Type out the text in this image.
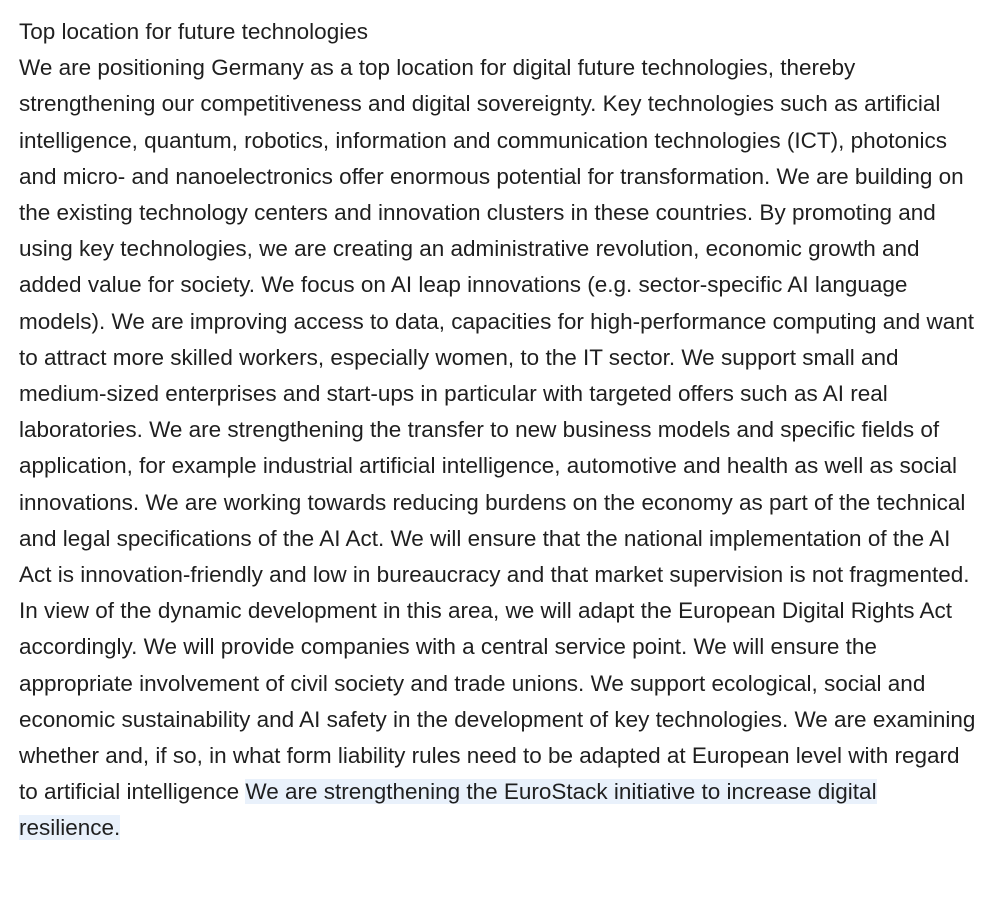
Top location for future technologies

We are positioning Germany as a top location for digital future technologies, thereby strengthening our competitiveness and digital sovereignty. Key technologies such as artificial intelligence, quantum, robotics, information and communication technologies (ICT), photonics and micro- and nanoelectronics offer enormous potential for transformation. We are building on the existing technology centers and innovation clusters in these countries. By promoting and using key technologies, we are creating an administrative revolution, economic growth and added value for society. We focus on AI leap innovations (e.g. sector-specific AI language models). We are improving access to data, capacities for high-performance computing and want to attract more skilled workers, especially women, to the IT sector. We support small and medium-sized enterprises and start-ups in particular with targeted offers such as AI real laboratories. We are strengthening the transfer to new business models and specific fields of application, for example industrial artificial intelligence, automotive and health as well as social innovations. We are working towards reducing burdens on the economy as part of the technical and legal specifications of the AI Act. We will ensure that the national implementation of the AI Act is innovation-friendly and low in bureaucracy and that market supervision is not fragmented. In view of the dynamic development in this area, we will adapt the European Digital Rights Act accordingly. We will provide companies with a central service point. We will ensure the appropriate involvement of civil society and trade unions. We support ecological, social and economic sustainability and AI safety in the development of key technologies. We are examining whether and, if so, in what form liability rules need to be adapted at European level with regard to artificial intelligence We are strengthening the EuroStack initiative to increase digital resilience.
